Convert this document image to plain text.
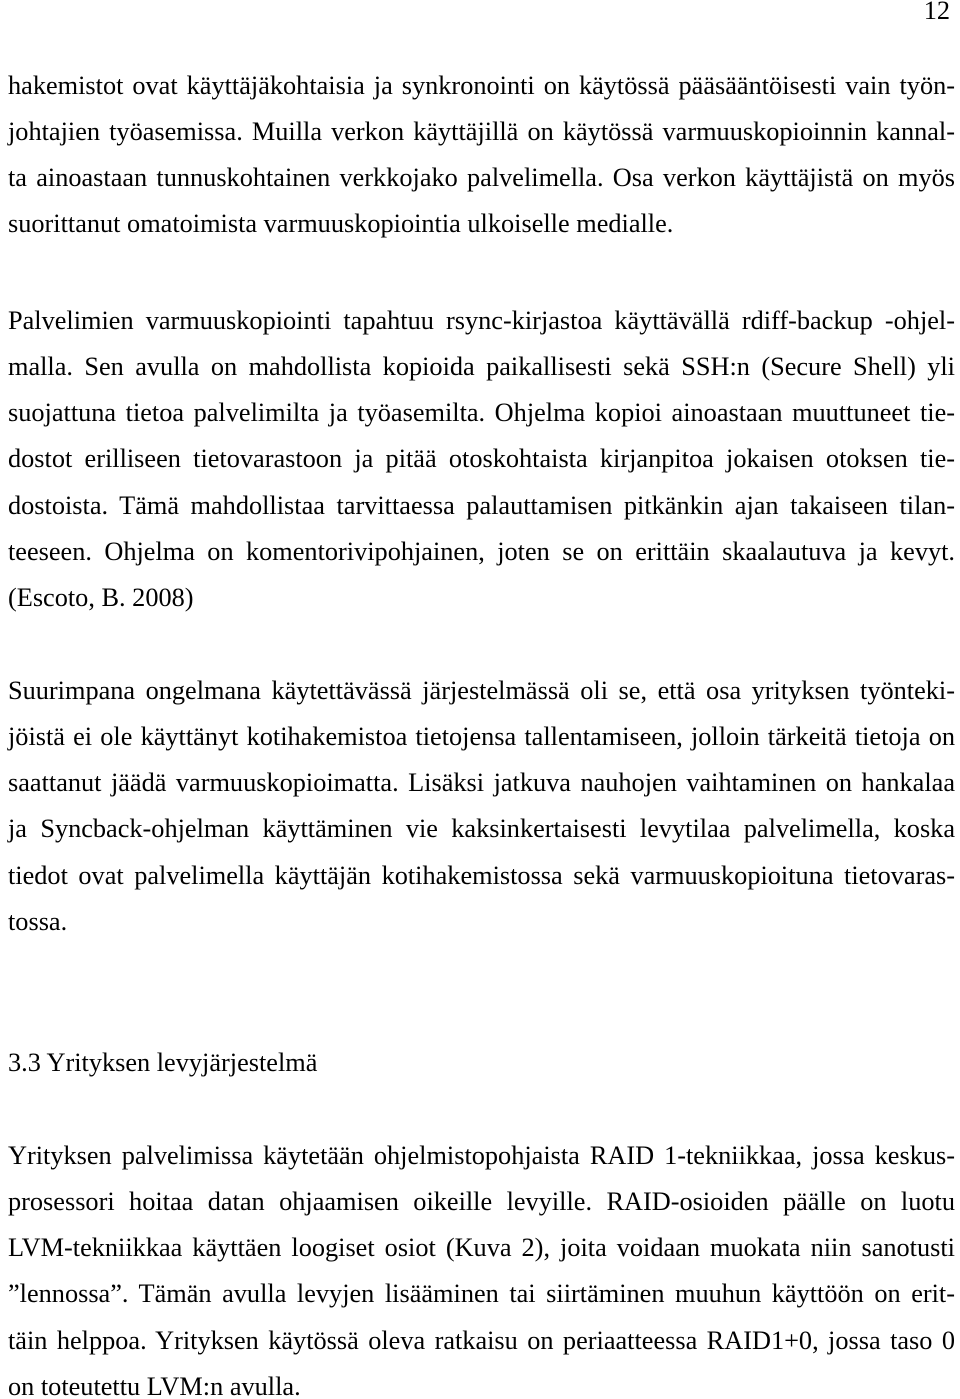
12
hakemistot ovat käyttäjäkohtaisia ja synkronointi on käytössä pääsääntöisesti vain työn-
johtajien työasemissa. Muilla verkon käyttäjillä on käytössä varmuuskopioinnin kannal-
ta ainoastaan tunnuskohtainen verkkojako palvelimella. Osa verkon käyttäjistä on myös
suorittanut omatoimista varmuuskopiointia ulkoiselle medialle.
Palvelimien varmuuskopiointi tapahtuu rsync-kirjastoa käyttävällä rdiff-backup -ohjel-
malla. Sen avulla on mahdollista kopioida paikallisesti sekä SSH:n (Secure Shell) yli
suojattuna tietoa palvelimilta ja työasemilta. Ohjelma kopioi ainoastaan muuttuneet tie-
dostot erilliseen tietovarastoon ja pitää otoskohtaista kirjanpitoa jokaisen otoksen tie-
dostoista. Tämä mahdollistaa tarvittaessa palauttamisen pitkänkin ajan takaiseen tilan-
teeseen. Ohjelma on komentorivipohjainen, joten se on erittäin skaalautuva ja kevyt.
(Escoto, B. 2008)
Suurimpana ongelmana käytettävässä järjestelmässä oli se, että osa yrityksen työnteki-
jöistä ei ole käyttänyt kotihakemistoa tietojensa tallentamiseen, jolloin tärkeitä tietoja on
saattanut jäädä varmuuskopioimatta. Lisäksi jatkuva nauhojen vaihtaminen on hankalaa
ja Syncback-ohjelman käyttäminen vie kaksinkertaisesti levytilaa palvelimella, koska
tiedot ovat palvelimella käyttäjän kotihakemistossa sekä varmuuskopioituna tietovaras-
tossa.
3.3 Yrityksen levyjärjestelmä
Yrityksen palvelimissa käytetään ohjelmistopohjaista RAID 1-tekniikkaa, jossa keskus-
prosessori hoitaa datan ohjaamisen oikeille levyille. RAID-osioiden päälle on luotu
LVM-tekniikkaa käyttäen loogiset osiot (Kuva 2), joita voidaan muokata niin sanotusti
”lennossa”. Tämän avulla levyjen lisääminen tai siirtäminen muuhun käyttöön on erit-
täin helppoa. Yrityksen käytössä oleva ratkaisu on periaatteessa RAID1+0, jossa taso 0
on toteutettu LVM:n avulla.
